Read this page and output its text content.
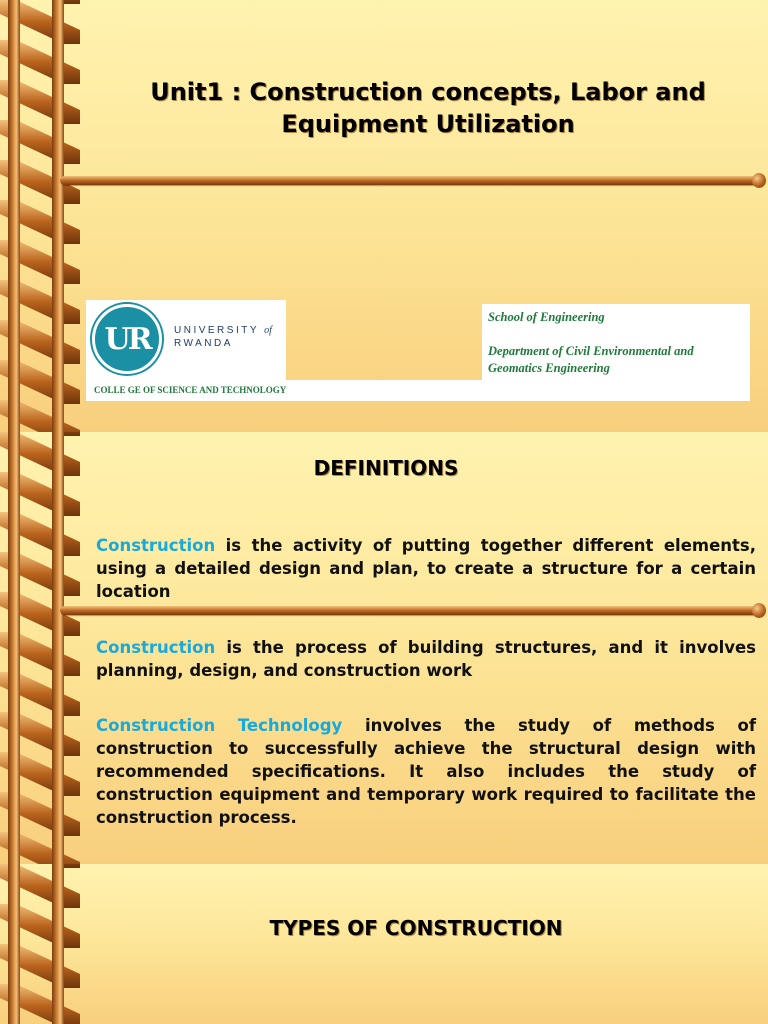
Unit1 : Construction concepts, Labor and
Equipment Utilization
UR	UNIVERSITY of
RWANDA
COLLE GE OF SCIENCE AND TECHNOLOGY

School of Engineering

Department of Civil Environmental and Geomatics Engineering

DEFINITIONS

Construction is the activity of putting together different elements, using a detailed design and plan, to create a structure for a certain location

Construction is the process of building structures, and it involves planning, design, and construction work

Construction Technology involves the study of methods of construction to successfully achieve the structural design with recommended specifications. It also includes the study of construction equipment and temporary work required to facilitate the construction process.

TYPES OF CONSTRUCTION
